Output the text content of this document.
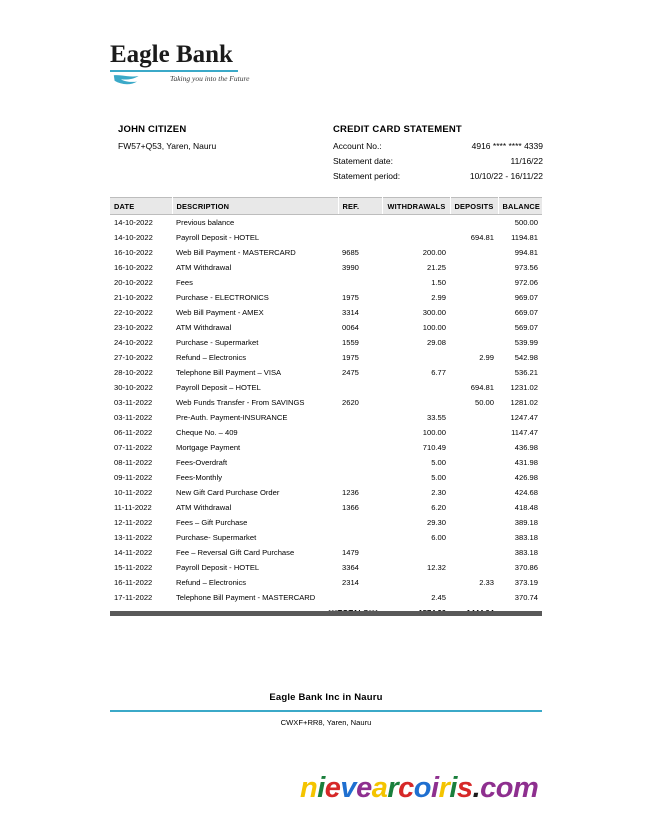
Eagle Bank
Taking you into the Future
JOHN CITIZEN
FW57+Q53, Yaren, Nauru
CREDIT CARD STATEMENT
Account No.:	4916 **** **** 4339
Statement date:	11/16/22
Statement period:	10/10/22 - 16/11/22
DATE	DESCRIPTION	REF.	WITHDRAWALS	DEPOSITS	BALANCE
14-10-2022	Previous balance				500.00
14-10-2022	Payroll Deposit - HOTEL			694.81	1194.81
16-10-2022	Web Bill Payment - MASTERCARD	9685	200.00		994.81
16-10-2022	ATM Withdrawal	3990	21.25		973.56
20-10-2022	Fees		1.50		972.06
21-10-2022	Purchase - ELECTRONICS	1975	2.99		969.07
22-10-2022	Web Bill Payment - AMEX	3314	300.00		669.07
23-10-2022	ATM Withdrawal	0064	100.00		569.07
24-10-2022	Purchase - Supermarket	1559	29.08		539.99
27-10-2022	Refund – Electronics	1975		2.99	542.98
28-10-2022	Telephone Bill Payment – VISA	2475	6.77		536.21
30-10-2022	Payroll Deposit – HOTEL			694.81	1231.02
03-11-2022	Web Funds Transfer - From SAVINGS	2620		50.00	1281.02
03-11-2022	Pre-Auth. Payment-INSURANCE		33.55		1247.47
06-11-2022	Cheque No. – 409		100.00		1147.47
07-11-2022	Mortgage Payment		710.49		436.98
08-11-2022	Fees-Overdraft		5.00		431.98
09-11-2022	Fees-Monthly		5.00		426.98
10-11-2022	New Gift Card Purchase Order	1236	2.30		424.68
11-11-2022	ATM Withdrawal	1366	6.20		418.48
12-11-2022	Fees – Gift Purchase		29.30		389.18
13-11-2022	Purchase- Supermarket		6.00		383.18
14-11-2022	Fee – Reversal Gift Card Purchase	1479			383.18
15-11-2022	Payroll Deposit - HOTEL	3364	12.32		370.86
16-11-2022	Refund – Electronics	2314		2.33	373.19
17-11-2022	Telephone Bill Payment - MASTERCARD		2.45		370.74

Eagle Bank Inc in Nauru
CWXF+RR8, Yaren, Nauru
nievearcoiris.com
